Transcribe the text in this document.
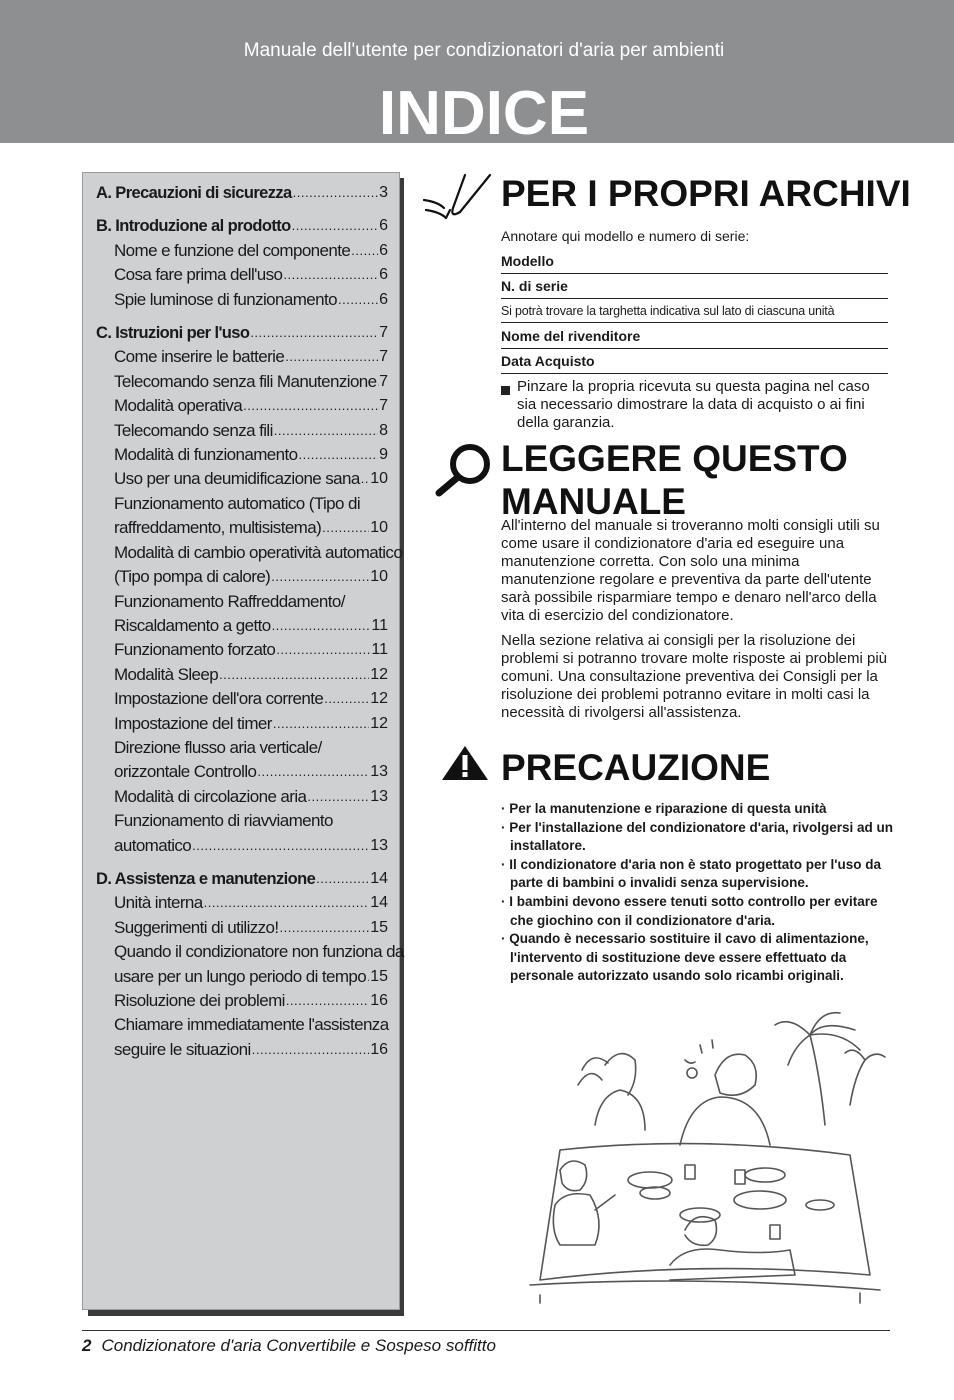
Manuale dell'utente per condizionatori d'aria per ambienti
INDICE
A. Precauzioni di sicurezza .....	3
B. Introduzione al prodotto .....	6
Nome e funzione del componente ..... 6
Cosa fare prima dell'uso .....	6
Spie luminose di funzionamento .....	6
C. Istruzioni per l'uso .....	7
Come inserire le batterie .....	7
Telecomando senza fili Manutenzione ..... 7
Modalità operativa .....	7
Telecomando senza fili .....	8
Modalità di funzionamento .....	9
Uso per una deumidificazione sana ..... 10
Funzionamento automatico (Tipo di
raffreddamento, multisistema) .....	10
Modalità di cambio operatività automatico
(Tipo pompa di calore) .....	10
Funzionamento Raffreddamento/
Riscaldamento a getto .....	11
Funzionamento forzato .....	11
Modalità Sleep .....	12
Impostazione dell'ora corrente .....	12
Impostazione del timer .....	12
Direzione flusso aria verticale/
orizzontale Controllo .....	13
Modalità di circolazione aria .....	13
Funzionamento di riavviamento
automatico .....	13
D. Assistenza e manutenzione .....	14
Unità interna .....	14
Suggerimenti di utilizzo! .....	15
Quando il condizionatore non funziona da
usare per un lungo periodo di tempo ..... 15
Risoluzione dei problemi .....	16
Chiamare immediatamente l'assistenza
seguire le situazioni .....	16
PER I PROPRI ARCHIVI
Annotare qui modello e numero di serie:
Modello
N. di serie
Si potrà trovare la targhetta indicativa sul lato di ciascuna unità
Nome del rivenditore
Data Acquisto
Pinzare la propria ricevuta su questa pagina nel caso sia necessario dimostrare la data di acquisto o ai fini della garanzia.
LEGGERE QUESTO
MANUALE
All'interno del manuale si troveranno molti consigli utili su come usare il condizionatore d'aria ed eseguire una manutenzione corretta. Con solo una minima manutenzione regolare e preventiva da parte dell'utente sarà possibile risparmiare tempo e denaro nell'arco della vita di esercizio del condizionatore.
Nella sezione relativa ai consigli per la risoluzione dei problemi si potranno trovare molte risposte ai problemi più comuni. Una consultazione preventiva dei Consigli per la risoluzione dei problemi potranno evitare in molti casi la necessità di rivolgersi all'assistenza.
PRECAUZIONE
· Per la manutenzione e riparazione di questa unità
· Per l'installazione del condizionatore d'aria, rivolgersi ad un installatore.
· Il condizionatore d'aria non è stato progettato per l'uso da parte di bambini o invalidi senza supervisione.
· I bambini devono essere tenuti sotto controllo per evitare che giochino con il condizionatore d'aria.
· Quando è necessario sostituire il cavo di alimentazione, l'intervento di sostituzione deve essere effettuato da personale autorizzato usando solo ricambi originali.
2 Condizionatore d'aria Convertibile e Sospeso soffitto
